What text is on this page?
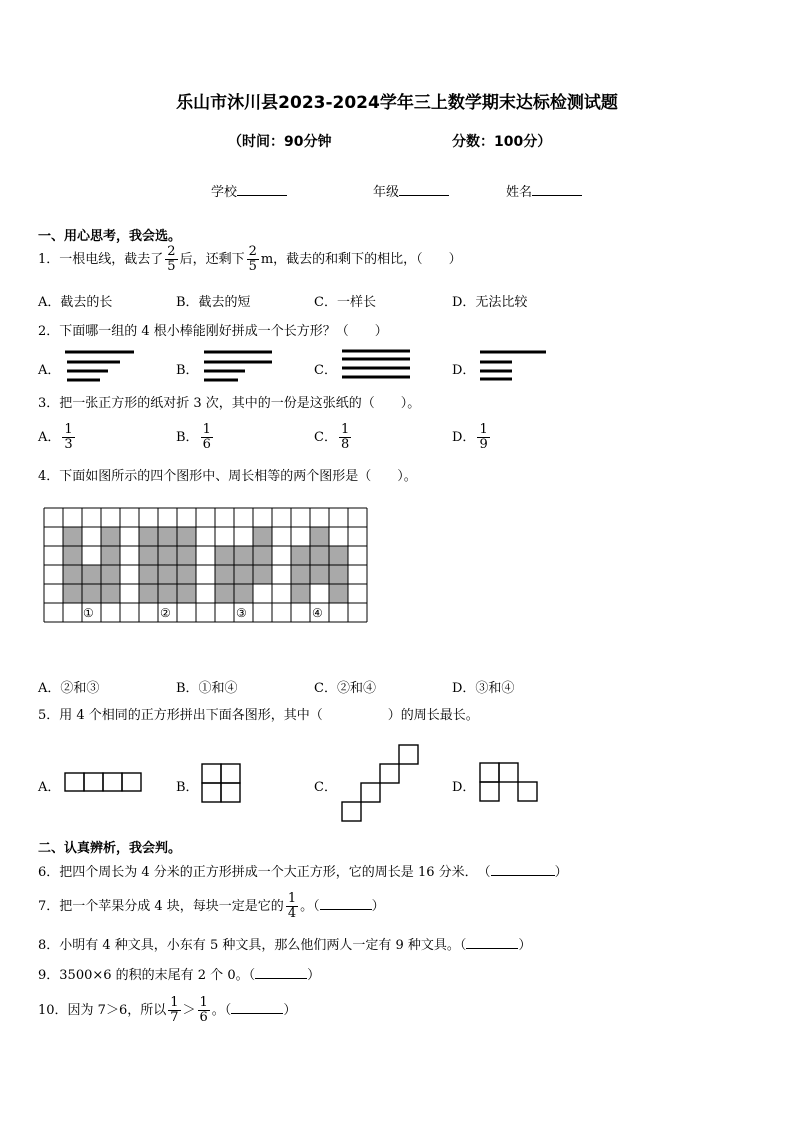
乐山市沐川县2023-2024学年三上数学期末达标检测试题
（时间：90分钟	分数：100分）
学校	年级	姓名
一、用心思考，我会选。
1．一根电线，截去了 $\frac{2}{5}$ 后，还剩下 $\frac{2}{5}$ m，截去的和剩下的相比，（　　）
A．截去的长	B．截去的短	C．一样长	D．无法比较
2．下面哪一组的 4 根小棒能刚好拼成一个长方形？（　　）
A．	B．	C．	D．
3．把一张正方形的纸对折 3 次，其中的一份是这张纸的（　　）。
A． $\frac{1}{3}$	B． $\frac{1}{6}$	C． $\frac{1}{8}$	D． $\frac{1}{9}$
4．下面如图所示的四个图形中、周长相等的两个图形是（　　）。
①	②	③	④
A．②和③	B．①和④	C．②和④	D．③和④
5．用 4 个相同的正方形拼出下面各图形，其中（　　　　　）的周长最长。
A．	B．	C．	D．
二、认真辨析，我会判。
6．把四个周长为 4 分米的正方形拼成一个大正方形，它的周长是 16 分米．　（	）
7．把一个苹果分成 4 块，每块一定是它的 $\frac{1}{4}$ 。（	）
8．小明有 4 种文具，小东有 5 种文具，那么他们两人一定有 9 种文具。（	）
9．3500×6 的积的末尾有 2 个 0。（	）
10．因为 7＞6，所以 $\frac{1}{7} > \frac{1}{6}$ 。（	）
